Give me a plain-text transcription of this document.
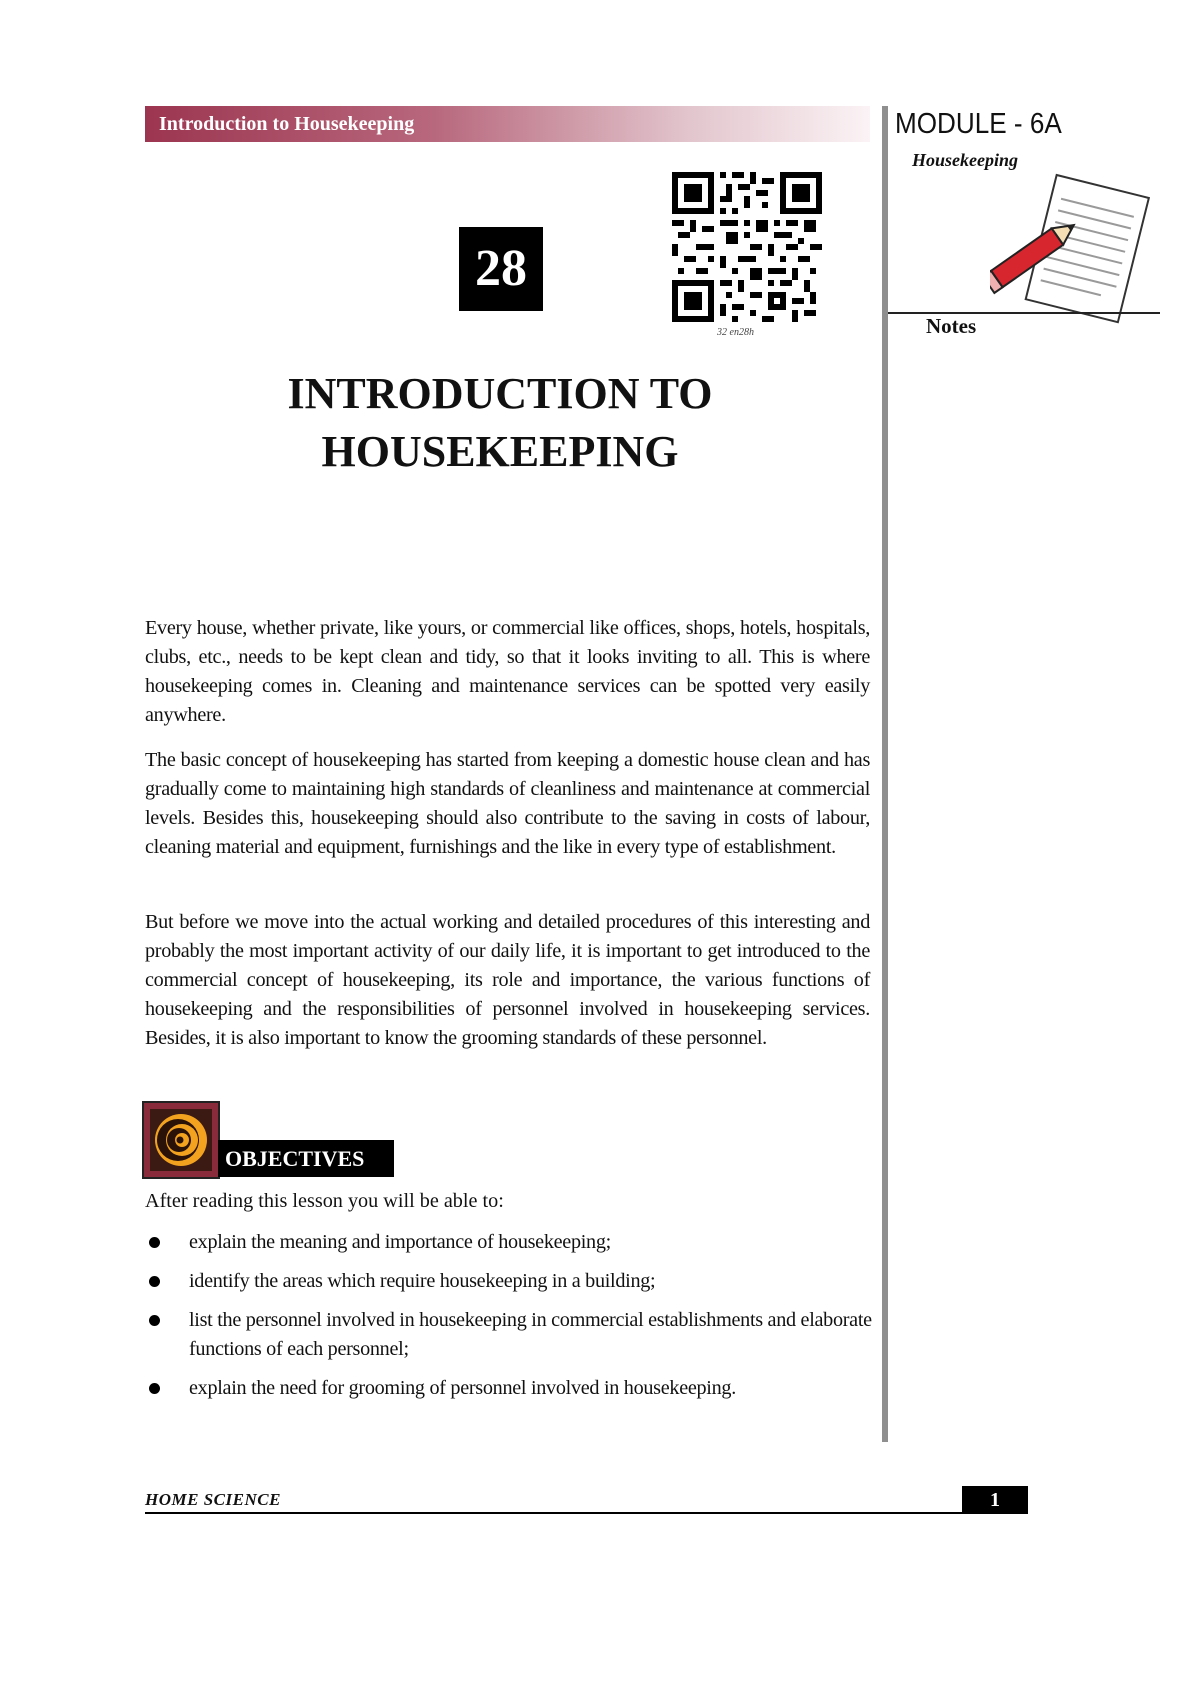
Introduction to Housekeeping	MODULE - 6A
Housekeeping
Notes
28
32 en28h
INTRODUCTION TO
HOUSEKEEPING

Every house, whether private, like yours, or commercial like offices, shops, hotels, hospitals, clubs, etc., needs to be kept clean and tidy, so that it looks inviting to all. This is where housekeeping comes in. Cleaning and maintenance services can be spotted very easily anywhere.

The basic concept of housekeeping has started from keeping a domestic house clean and has gradually come to maintaining high standards of cleanliness and maintenance at commercial levels. Besides this, housekeeping should also contribute to the saving in costs of labour, cleaning material and equipment, furnishings and the like in every type of establishment.

But before we move into the actual working and detailed procedures of this interesting and probably the most important activity of our daily life, it is important to get introduced to the commercial concept of housekeeping, its role and importance, the various functions of housekeeping and the responsibilities of personnel involved in housekeeping services. Besides, it is also important to know the grooming standards of these personnel.

OBJECTIVES
After reading this lesson you will be able to:
explain the meaning and importance of housekeeping;
identify the areas which require housekeeping in a building;
list the personnel involved in housekeeping in commercial establishments and elaborate functions of each personnel;
explain the need for grooming of personnel involved in housekeeping.
HOME SCIENCE	1
